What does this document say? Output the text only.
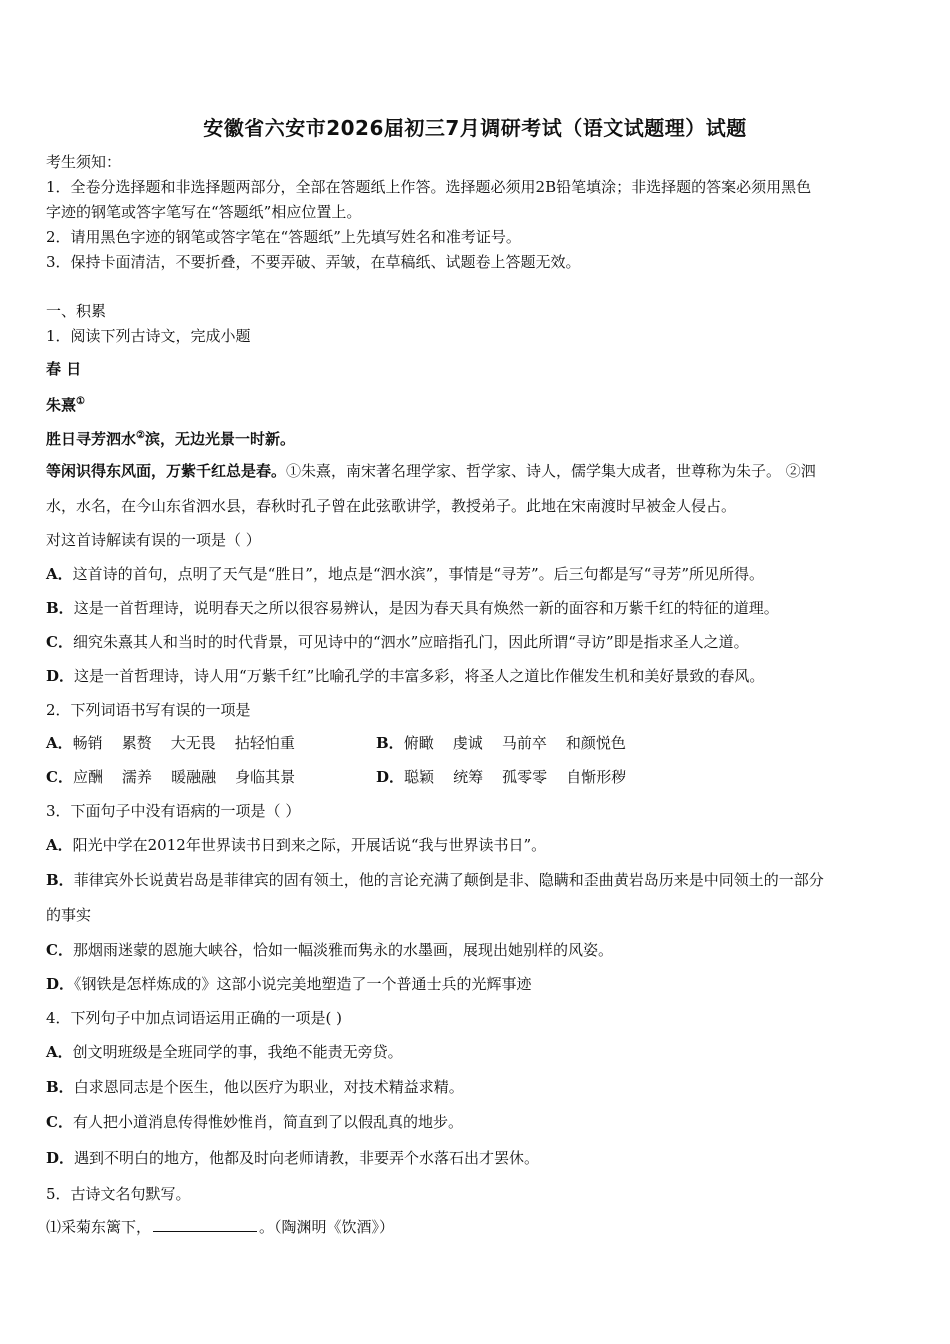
安徽省六安市2026届初三7月调研考试（语文试题理）试题
考生须知：
1．全卷分选择题和非选择题两部分，全部在答题纸上作答。选择题必须用2B铅笔填涂；非选择题的答案必须用黑色
字迹的钢笔或答字笔写在“答题纸”相应位置上。
2．请用黑色字迹的钢笔或答字笔在“答题纸”上先填写姓名和准考证号。
3．保持卡面清洁，不要折叠，不要弄破、弄皱，在草稿纸、试题卷上答题无效。
一、积累
1．阅读下列古诗文，完成小题
春 日
朱熹①
胜日寻芳泗水②滨，无边光景一时新。
等闲识得东风面，万紫千红总是春。①朱熹，南宋著名理学家、哲学家、诗人，儒学集大成者，世尊称为朱子。 ②泗
水，水名，在今山东省泗水县，春秋时孔子曾在此弦歌讲学，教授弟子。此地在宋南渡时早被金人侵占。
对这首诗解读有误的一项是（ ）
A．这首诗的首句，点明了天气是“胜日”，地点是“泗水滨”，事情是“寻芳”。后三句都是写“寻芳”所见所得。
B．这是一首哲理诗，说明春天之所以很容易辨认，是因为春天具有焕然一新的面容和万紫千红的特征的道理。
C．细究朱熹其人和当时的时代背景，可见诗中的“泗水”应暗指孔门，因此所谓“寻访”即是指求圣人之道。
D．这是一首哲理诗，诗人用“万紫千红”比喻孔学的丰富多彩，将圣人之道比作催发生机和美好景致的春风。
2．下列词语书写有误的一项是
A．畅销    累赘    大无畏    拈轻怕重	B．俯瞰    虔诚    马前卒    和颜悦色
C．应酬    濡养    暖融融    身临其景	D．聪颖    统筹    孤零零    自惭形秽
3．下面句子中没有语病的一项是（ ）
A．阳光中学在2012年世界读书日到来之际，开展话说“我与世界读书日”。
B．菲律宾外长说黄岩岛是菲律宾的固有领土，他的言论充满了颠倒是非、隐瞒和歪曲黄岩岛历来是中同领土的一部分
的事实
C．那烟雨迷蒙的恩施大峡谷，恰如一幅淡雅而隽永的水墨画，展现出她别样的风姿。
D．《钢铁是怎样炼成的》这部小说完美地塑造了一个普通士兵的光辉事迹
4．下列句子中加点词语运用正确的一项是( )
A．创文明班级是全班同学的事，我绝不能责无旁贷。
B．白求恩同志是个医生，他以医疗为职业，对技术精益求精。
C．有人把小道消息传得惟妙惟肖，简直到了以假乱真的地步。
D．遇到不明白的地方，他都及时向老师请教，非要弄个水落石出才罢休。
5．古诗文名句默写。
⑴采菊东篱下，	。（陶渊明《饮酒》）
